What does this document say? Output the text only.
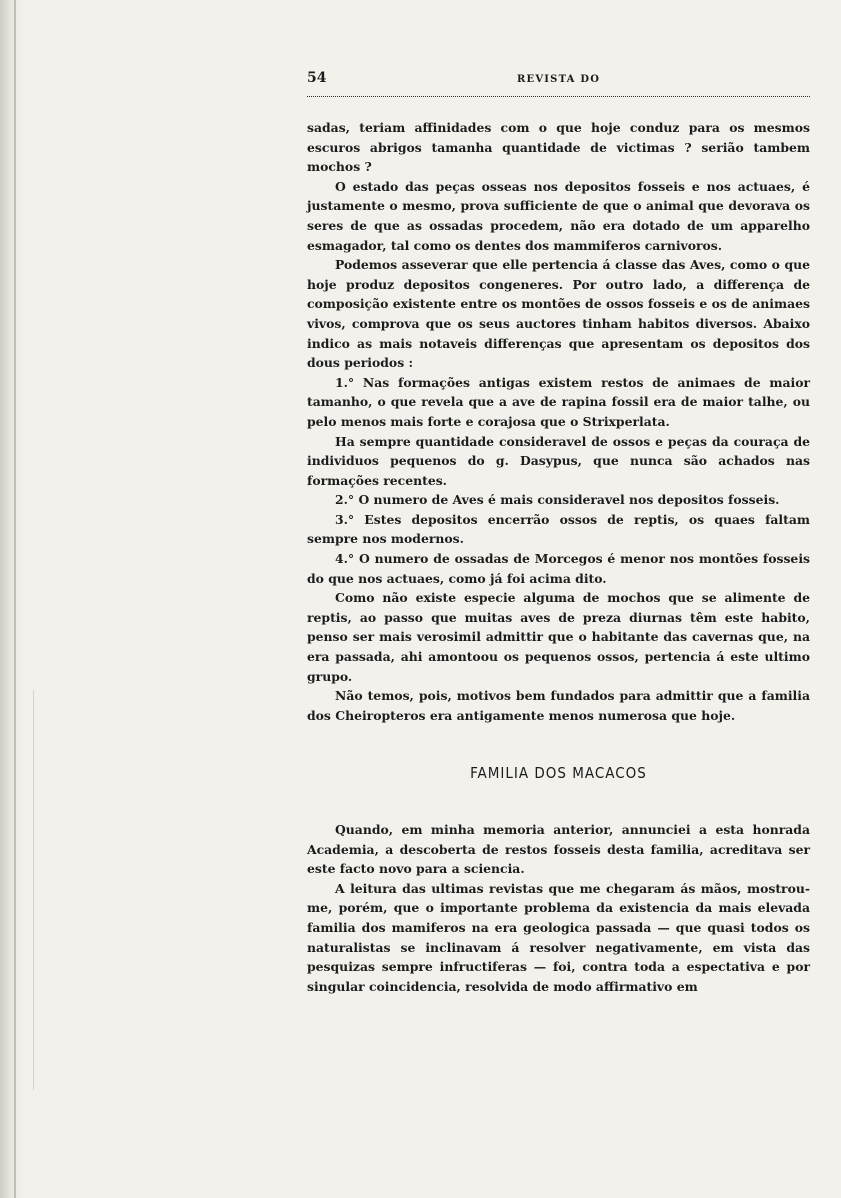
54	REVISTA DO

sadas, teriam affinidades com o que hoje conduz para os mesmos escuros abrigos tamanha quantidade de victimas ? serião tambem mochos ?

O estado das peças osseas nos depositos fosseis e nos actuaes, é justamente o mesmo, prova sufficiente de que o animal que devorava os seres de que as ossadas procedem, não era dotado de um apparelho esmagador, tal como os dentes dos mammiferos carnivoros.

Podemos asseverar que elle pertencia á classe das Aves, como o que hoje produz depositos congeneres. Por outro lado, a differença de composição existente entre os montões de ossos fosseis e os de animaes vivos, comprova que os seus auctores tinham habitos diversos. Abaixo indico as mais notaveis differenças que apresentam os depositos dos dous periodos :

1.° Nas formações antigas existem restos de animaes de maior tamanho, o que revela que a ave de rapina fossil era de maior talhe, ou pelo menos mais forte e corajosa que o Strixperlata.

Ha sempre quantidade consideravel de ossos e peças da couraça de individuos pequenos do g. Dasypus, que nunca são achados nas formações recentes.

2.° O numero de Aves é mais consideravel nos depositos fosseis.

3.° Estes depositos encerrão ossos de reptis, os quaes faltam sempre nos modernos.

4.° O numero de ossadas de Morcegos é menor nos montões fosseis do que nos actuaes, como já foi acima dito.

Como não existe especie alguma de mochos que se alimente de reptis, ao passo que muitas aves de preza diurnas têm este habito, penso ser mais verosimil admittir que o habitante das cavernas que, na era passada, ahi amontoou os pequenos ossos, pertencia á este ultimo grupo.

Não temos, pois, motivos bem fundados para admittir que a familia dos Cheiropteros era antigamente menos numerosa que hoje.

FAMILIA DOS MACACOS

Quando, em minha memoria anterior, annunciei a esta honrada Academia, a descoberta de restos fosseis desta familia, acreditava ser este facto novo para a sciencia.

A leitura das ultimas revistas que me chegaram ás mãos, mostrou-me, porém, que o importante problema da existencia da mais elevada familia dos mamiferos na era geologica passada — que quasi todos os naturalistas se inclinavam á resolver negativamente, em vista das pesquizas sempre infructiferas — foi, contra toda a espectativa e por singular coincidencia, resolvida de modo affirmativo em
